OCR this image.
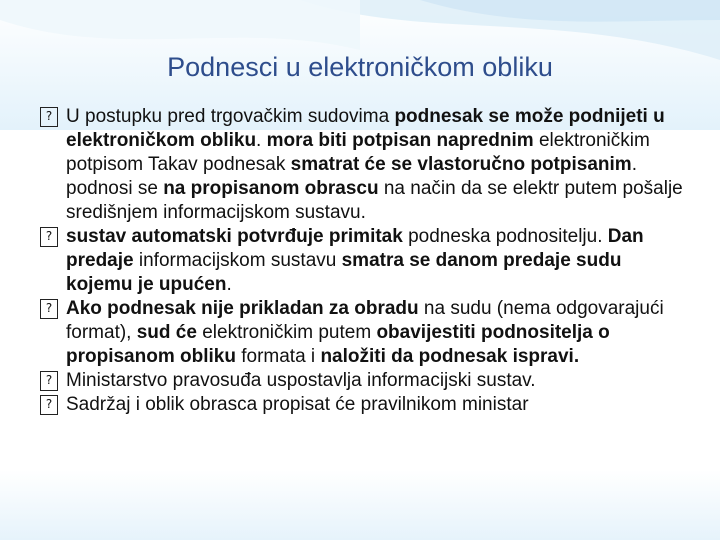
Podnesci u elektroničkom obliku
? U postupku pred trgovačkim sudovima podnesak se može podnijeti u elektroničkom obliku. mora biti potpisan naprednim elektroničkim potpisom Takav podnesak smatrat će se vlastoručno potpisanim. podnosi se na propisanom obrascu na način da se elektr putem pošalje središnjem informacijskom sustavu.
? sustav automatski potvrđuje primitak podneska podnositelju. Dan predaje informacijskom sustavu smatra se danom predaje sudu kojemu je upućen.
? Ako podnesak nije prikladan za obradu na sudu (nema odgovarajući format), sud će elektroničkim putem obavijestiti podnositelja o propisanom obliku formata i naložiti da podnesak ispravi.
? Ministarstvo pravosuđa uspostavlja informacijski sustav.
? Sadržaj i oblik obrasca propisat će pravilnikom ministar
